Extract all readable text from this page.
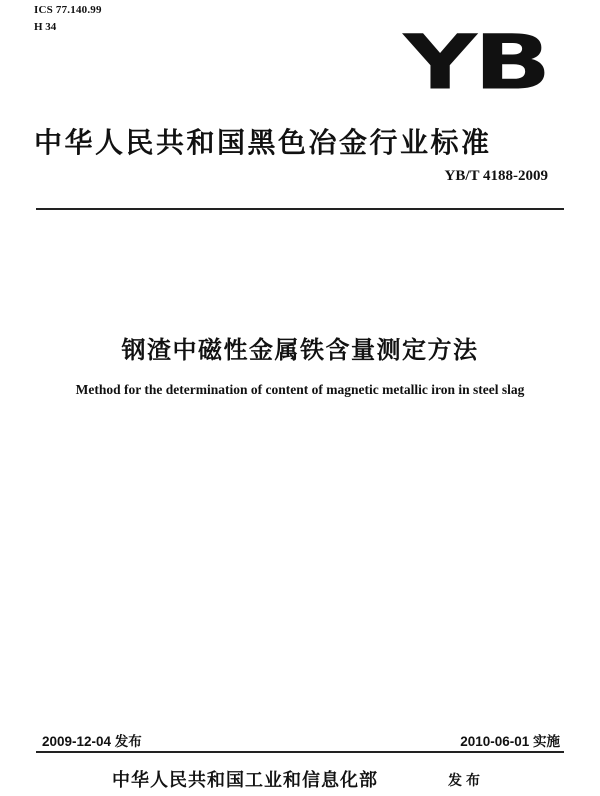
ICS 77.140.99
H 34	YB
中华人民共和国黑色冶金行业标准
YB/T 4188-2009
钢渣中磁性金属铁含量测定方法
Method for the determination of content of magnetic metallic iron in steel slag
2009-12-04 发布	2010-06-01 实施
中华人民共和国工业和信息化部	发布
